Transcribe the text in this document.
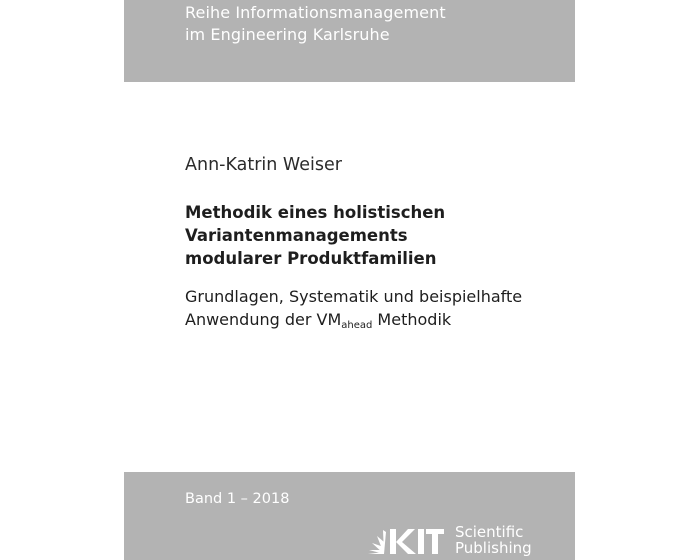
Reihe Informationsmanagement
im Engineering Karlsruhe
Ann-Katrin Weiser
Methodik eines holistischen
Variantenmanagements
modularer Produktfamilien
Grundlagen, Systematik und beispielhafte
Anwendung der $VM_{ahead}$ Methodik
Band 1 – 2018
KIT	Scientific
Publishing
